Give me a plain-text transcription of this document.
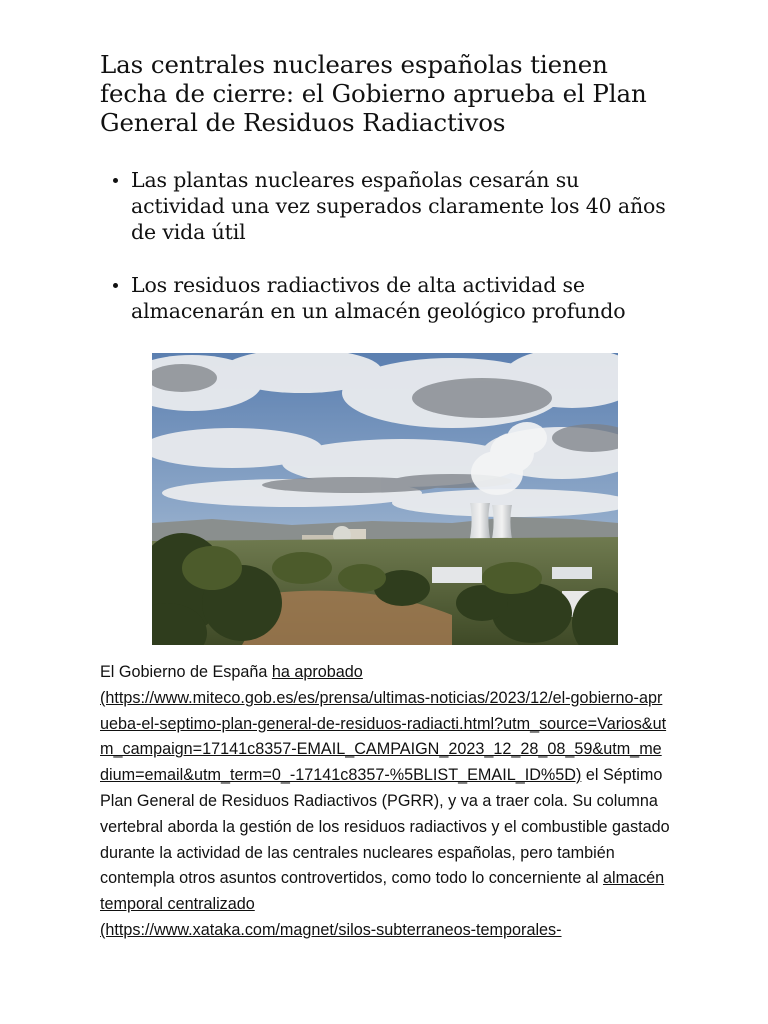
Las centrales nucleares españolas tienen fecha de cierre: el Gobierno aprueba el Plan General de Residuos Radiactivos
Las plantas nucleares españolas cesarán su actividad una vez superados claramente los 40 años de vida útil
Los residuos radiactivos de alta actividad se almacenarán en un almacén geológico profundo

El Gobierno de España ha aprobado
(https://www.miteco.gob.es/es/prensa/ultimas-noticias/2023/12/el-gobierno-aprueba-el-septimo-plan-general-de-residuos-radiacti.html?utm_source=Varios&utm_campaign=17141c8357-EMAIL_CAMPAIGN_2023_12_28_08_59&utm_medium=email&utm_term=0_-17141c8357-%5BLIST_EMAIL_ID%5D) el Séptimo Plan General de Residuos Radiactivos (PGRR), y va a traer cola. Su columna vertebral aborda la gestión de los residuos radiactivos y el combustible gastado durante la actividad de las centrales nucleares españolas, pero también contempla otros asuntos controvertidos, como todo lo concerniente al almacén temporal centralizado
(https://www.xataka.com/magnet/silos-subterraneos-temporales-
